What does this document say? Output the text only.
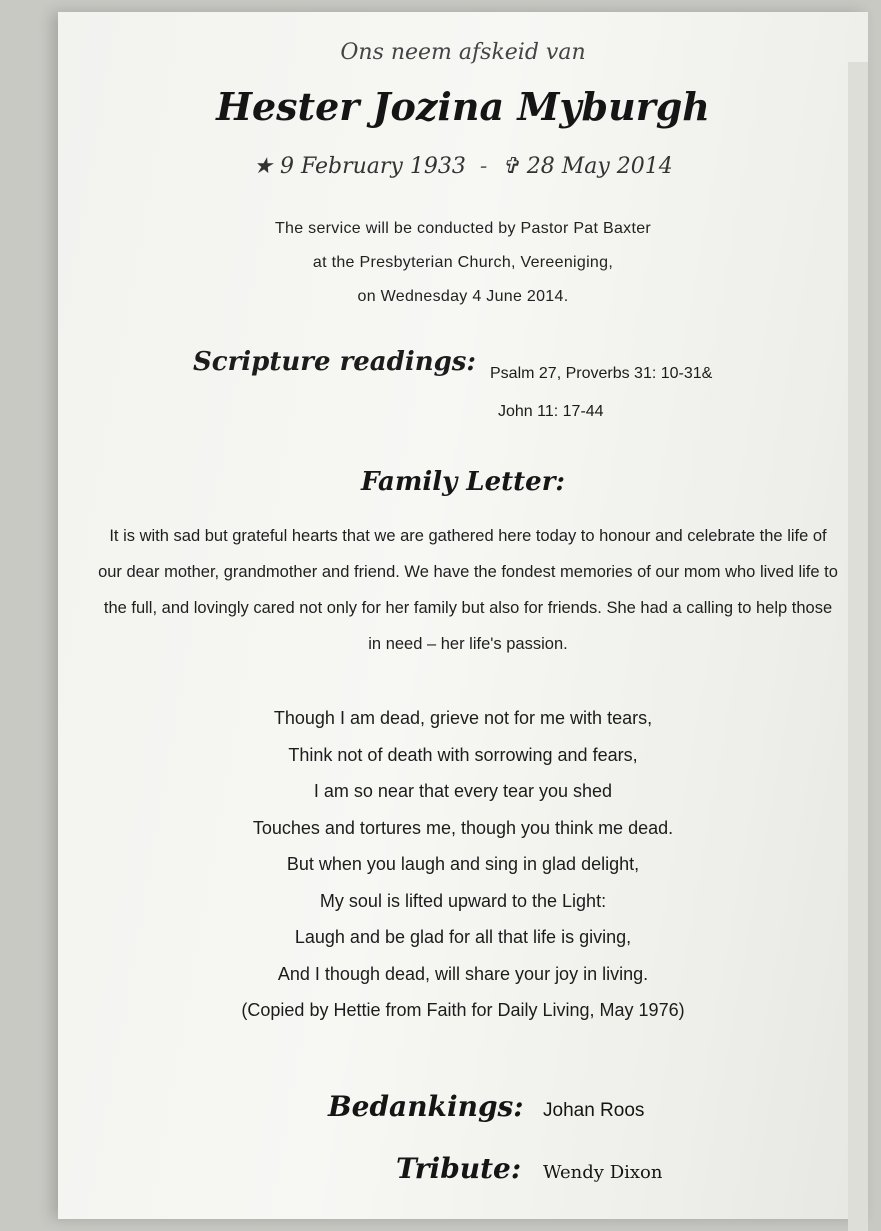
Ons neem afskeid van
Hester Jozina Myburgh
★ 9 February 1933 - ✞ 28 May 2014
The service will be conducted by Pastor Pat Baxter
at the Presbyterian Church, Vereeniging,
on Wednesday 4 June 2014.
Scripture readings: Psalm 27, Proverbs 31: 10-31&
John 11: 17-44
Family Letter:
It is with sad but grateful hearts that we are gathered here today to honour and celebrate the life of our dear mother, grandmother and friend. We have the fondest memories of our mom who lived life to the full, and lovingly cared not only for her family but also for friends. She had a calling to help those in need – her life's passion.
Though I am dead, grieve not for me with tears,
Think not of death with sorrowing and fears,
I am so near that every tear you shed
Touches and tortures me, though you think me dead.
But when you laugh and sing in glad delight,
My soul is lifted upward to the Light:
Laugh and be glad for all that life is giving,
And I though dead, will share your joy in living.
(Copied by Hettie from Faith for Daily Living, May 1976)
Bedankings: Johan Roos
Tribute: Wendy Dixon
